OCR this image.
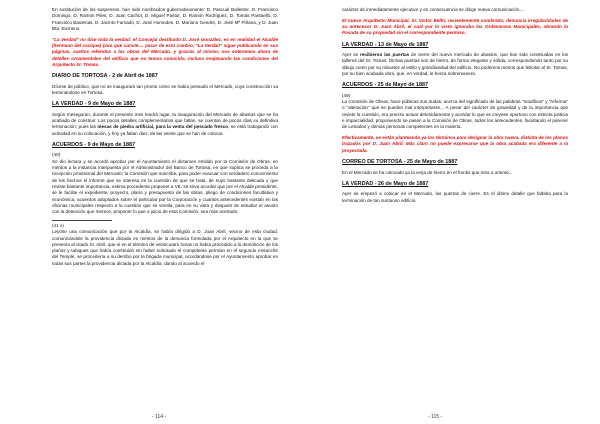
En sustitución de los suspensos, han sido nombrados gubernativamente: D. Pascual Ballester, D. Francisco Domingo, D. Ramón Piles, D. Juan Cachot, D. Miguel Pastor, D. Ramón Rodríguez, D. Tomás Pantaello, D. Francisco Baulenas, D. Jacinto Fumadó, D. José Homedes, D. Mariano Gendre, D. José Mª Piñana, y D. Juan Bta. Eixmeno.

"La Verdad" no dice toda la verdad: el Concejal destituido D. José González, es en realidad el Alcalde (hermano del cacique) para que conste.... pasar de esto cambio, "La Verdad" sigue publicando en sus páginas, sueltos referidos a las obras del Mercado, y gracias al mismo, nos enteramos ahora de detalles ornamentales del edificio que no temos conocido, incluso enajenando las condiciones del Arquitecto Sr. Tomas.

DIARIO DE TORTOSA - 2 de Abril de 1887

Dícese de público, que no se inaugurará tan pronto como se había pensado el Mercado, cuya construcción va terminándose en Tortosa.

LA VERDAD - 9 de Mayo de 1887

Según meseguran, durante el presente mes tendrá lugar, la inauguración del Mercado de abastos que se ha acabado de construir. Los pocos detalles complementarios que faltan, se cuentan de pocos días su definitiva terminación; pues las mesas de piedra artificial, para la venta del pescado fresco, se está trabajando con actividad en su colocación, y hoy ya faltan diez, de las veinte que se han de colocar.

ACUERDOS - 9 de Mayo de 1887

(40)

Se dio lectura y se acordó aprobar por el Ayuntamiento el dictamen emitido por la Comisión de Obras, en méritos a la instancia interpuesta por el Administrador del Banco de Tortosa, en que suplica se proceda a la recepción provisional del Mercado; la Comisión que suscribe, para poder evacuar con verdadero conocimiento de los hechos el informe que se interesa en la cuestión de que se trata, de suyo bastante delicada y que reviste bastante importancia, estima procedente proponer a VE. se sirva acordar que por el Alcalde presidente, se le facilite el expediente, proyecto, plano y presupuesto de las obras, pliego de condiciones facultativa y económica, acuerdos adoptados sobre el particular por la Corporación y cuantos antecedentes existan en las oficinas municipales respecto a la cuestión que se ventila, para en su vista y después de estudiar el asunto con la detención que merece, proponer lo que a juicio de esta Comisión, sea más acertado.

(41 v)

Leyóse una comunicación que por la Alcaldía, se había dirigido a D. Juan Abril, vecino de esta ciudad, comunicándole la providencia dictada en méritos de la denuncia formulada por el Arquitecto en la que se prevenía al citado Sr. Abril, que si en el término de veinticuatro horas no había procedido a la demolición de los planos y tabiques que había construido sin haber solicitado el competente permiso en el segundo ensanche del Temple, se procedería a su derribo por la brigada municipal, acordándose por el Ayuntamiento aprobar en todas sus partes la providencia dictada por la Alcaldía, dando al acuerdo el

- 114 -

carácter de inmediatamente ejecutivo y en consecuencia se dirige nueva comunicación....

El nuevo Arquitecto Municipal, Sr. Víctor Beltri, recientemente nombrado, denuncia irregularidades de su antecesor D. Juan Abril, el cual por lo visto ignoraba las Ordenanzas Municipales, obrando la Posada de su propiedad sin el correspondiente permiso.

LA VERDAD - 13 de Mayo de 1887

Ayer se recibieron las puertas de cierre del nuevo mercado de abastos, que han sido construidas en los talleres del Sr. Tomas. Dichas puertas son de hierro, de forma elegante y sólida, correspondiendo tanto por su dibujo como por su robustez al estilo y grandiosidad del edificio. No podemos menos que felicitar al Sr. Tomas, por su bien acabada obra, que, en verdad, le honra sobremanera.

ACUERDOS - 25 de Mayo de 1887

(49)

La Comisión de Obras, hace públicas sus dudas, acerca del significado de las palabras "modificar" y "reforma" o "alteración" que se pueden mal interpretarse... A pesar del carácter de gravedad y de la importancia que reviste la cuestión, era preciso actuar detenidamente y acordar lo que es creyese oportuno con estricta justicia e imparcialidad, proponiendo se pasen a la Comisión de Obras, todos los antecedentes, facultando el parecer de Letrados y demás personas competentes en la materia.

Efectivamente, se están planteando ya los términos para designar la obra nueva, distinta de los planos trazados por D. Juan Abril. Más claro no puede expresarse que la obra acabada era diferente a la proyectada.

CORREO DE TORTOSA - 25 de Mayo de 1887

En el Mercado se ha colocado ya la verja de hierro en el frontis que mira a oriente...

LA VERDAD - 26 de Mayo de 1887

Ayer se empezó a colocar en el Mercado, las puertas de cierre. Es el último detalle que faltaba para la terminación de tan suntuoso edificio.

- 115 -
